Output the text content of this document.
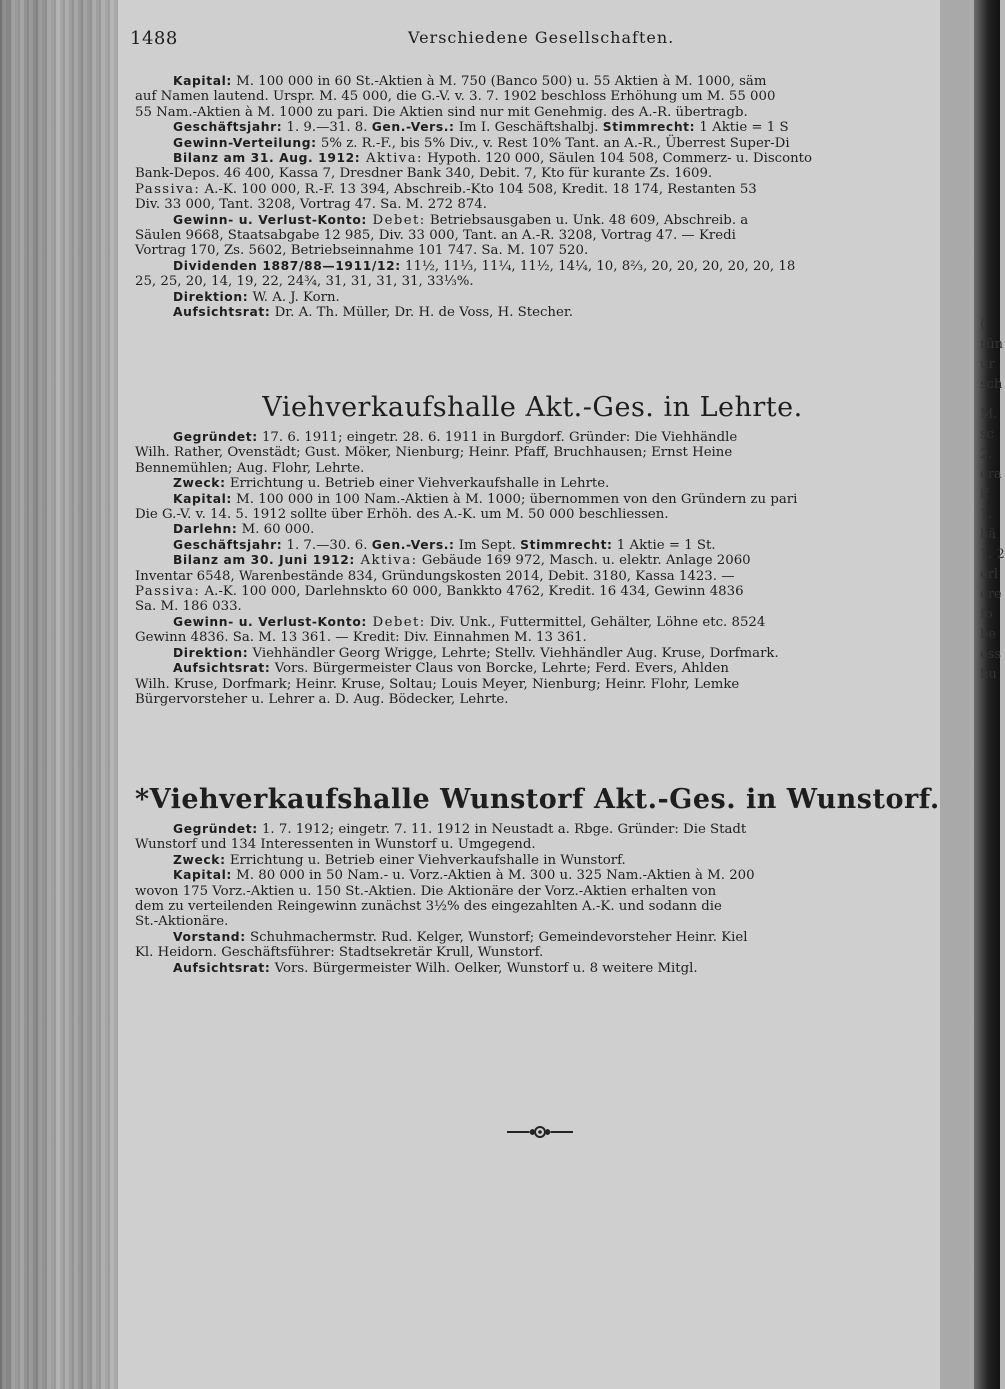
(
rün
ur
sch
M.
sc
2.
era
if
1.
hä
1. 2
erl
ere
fo
be
ess
hu
1488	Verschiedene Gesellschaften.
Kapital: M. 100 000 in 60 St.-Aktien à M. 750 (Banco 500) u. 55 Aktien à M. 1000, säm
auf Namen lautend. Urspr. M. 45 000, die G.-V. v. 3. 7. 1902 beschloss Erhöhung um M. 55 000
55 Nam.-Aktien à M. 1000 zu pari. Die Aktien sind nur mit Genehmig. des A.-R. übertragb.
Geschäftsjahr: 1. 9.—31. 8. Gen.-Vers.: Im I. Geschäftshalbj. Stimmrecht: 1 Aktie = 1 S
Gewinn-Verteilung: 5% z. R.-F., bis 5% Div., v. Rest 10% Tant. an A.-R., Überrest Super-Di
Bilanz am 31. Aug. 1912: Aktiva: Hypoth. 120 000, Säulen 104 508, Commerz- u. Disconto
Bank-Depos. 46 400, Kassa 7, Dresdner Bank 340, Debit. 7, Kto für kurante Zs. 1609.
Passiva: A.-K. 100 000, R.-F. 13 394, Abschreib.-Kto 104 508, Kredit. 18 174, Restanten 53
Div. 33 000, Tant. 3208, Vortrag 47. Sa. M. 272 874.
Gewinn- u. Verlust-Konto: Debet: Betriebsausgaben u. Unk. 48 609, Abschreib. a
Säulen 9668, Staatsabgabe 12 985, Div. 33 000, Tant. an A.-R. 3208, Vortrag 47. — Kredi
Vortrag 170, Zs. 5602, Betriebseinnahme 101 747. Sa. M. 107 520.
Dividenden 1887/88—1911/12: 11½, 11⅓, 11¼, 11½, 14¼, 10, 8⅔, 20, 20, 20, 20, 20, 18
25, 25, 20, 14, 19, 22, 24¾, 31, 31, 31, 31, 33⅓%.
Direktion: W. A. J. Korn.
Aufsichtsrat: Dr. A. Th. Müller, Dr. H. de Voss, H. Stecher.
Viehverkaufshalle Akt.-Ges. in Lehrte.
Gegründet: 17. 6. 1911; eingetr. 28. 6. 1911 in Burgdorf. Gründer: Die Viehhändle
Wilh. Rather, Ovenstädt; Gust. Möker, Nienburg; Heinr. Pfaff, Bruchhausen; Ernst Heine
Bennemühlen; Aug. Flohr, Lehrte.
Zweck: Errichtung u. Betrieb einer Viehverkaufshalle in Lehrte.
Kapital: M. 100 000 in 100 Nam.-Aktien à M. 1000; übernommen von den Gründern zu pari
Die G.-V. v. 14. 5. 1912 sollte über Erhöh. des A.-K. um M. 50 000 beschliessen.
Darlehn: M. 60 000.
Geschäftsjahr: 1. 7.—30. 6. Gen.-Vers.: Im Sept. Stimmrecht: 1 Aktie = 1 St.
Bilanz am 30. Juni 1912: Aktiva: Gebäude 169 972, Masch. u. elektr. Anlage 2060
Inventar 6548, Warenbestände 834, Gründungskosten 2014, Debit. 3180, Kassa 1423. —
Passiva: A.-K. 100 000, Darlehnskto 60 000, Bankkto 4762, Kredit. 16 434, Gewinn 4836
Sa. M. 186 033.
Gewinn- u. Verlust-Konto: Debet: Div. Unk., Futtermittel, Gehälter, Löhne etc. 8524
Gewinn 4836. Sa. M. 13 361. — Kredit: Div. Einnahmen M. 13 361.
Direktion: Viehhändler Georg Wrigge, Lehrte; Stellv. Viehhändler Aug. Kruse, Dorfmark.
Aufsichtsrat: Vors. Bürgermeister Claus von Borcke, Lehrte; Ferd. Evers, Ahlden
Wilh. Kruse, Dorfmark; Heinr. Kruse, Soltau; Louis Meyer, Nienburg; Heinr. Flohr, Lemke
Bürgervorsteher u. Lehrer a. D. Aug. Bödecker, Lehrte.
*Viehverkaufshalle Wunstorf Akt.-Ges. in Wunstorf.
Gegründet: 1. 7. 1912; eingetr. 7. 11. 1912 in Neustadt a. Rbge. Gründer: Die Stadt
Wunstorf und 134 Interessenten in Wunstorf u. Umgegend.
Zweck: Errichtung u. Betrieb einer Viehverkaufshalle in Wunstorf.
Kapital: M. 80 000 in 50 Nam.- u. Vorz.-Aktien à M. 300 u. 325 Nam.-Aktien à M. 200
wovon 175 Vorz.-Aktien u. 150 St.-Aktien. Die Aktionäre der Vorz.-Aktien erhalten von
dem zu verteilenden Reingewinn zunächst 3½% des eingezahlten A.-K. und sodann die
St.-Aktionäre.
Vorstand: Schuhmachermstr. Rud. Kelger, Wunstorf; Gemeindevorsteher Heinr. Kiel
Kl. Heidorn. Geschäftsführer: Stadtsekretär Krull, Wunstorf.
Aufsichtsrat: Vors. Bürgermeister Wilh. Oelker, Wunstorf u. 8 weitere Mitgl.
